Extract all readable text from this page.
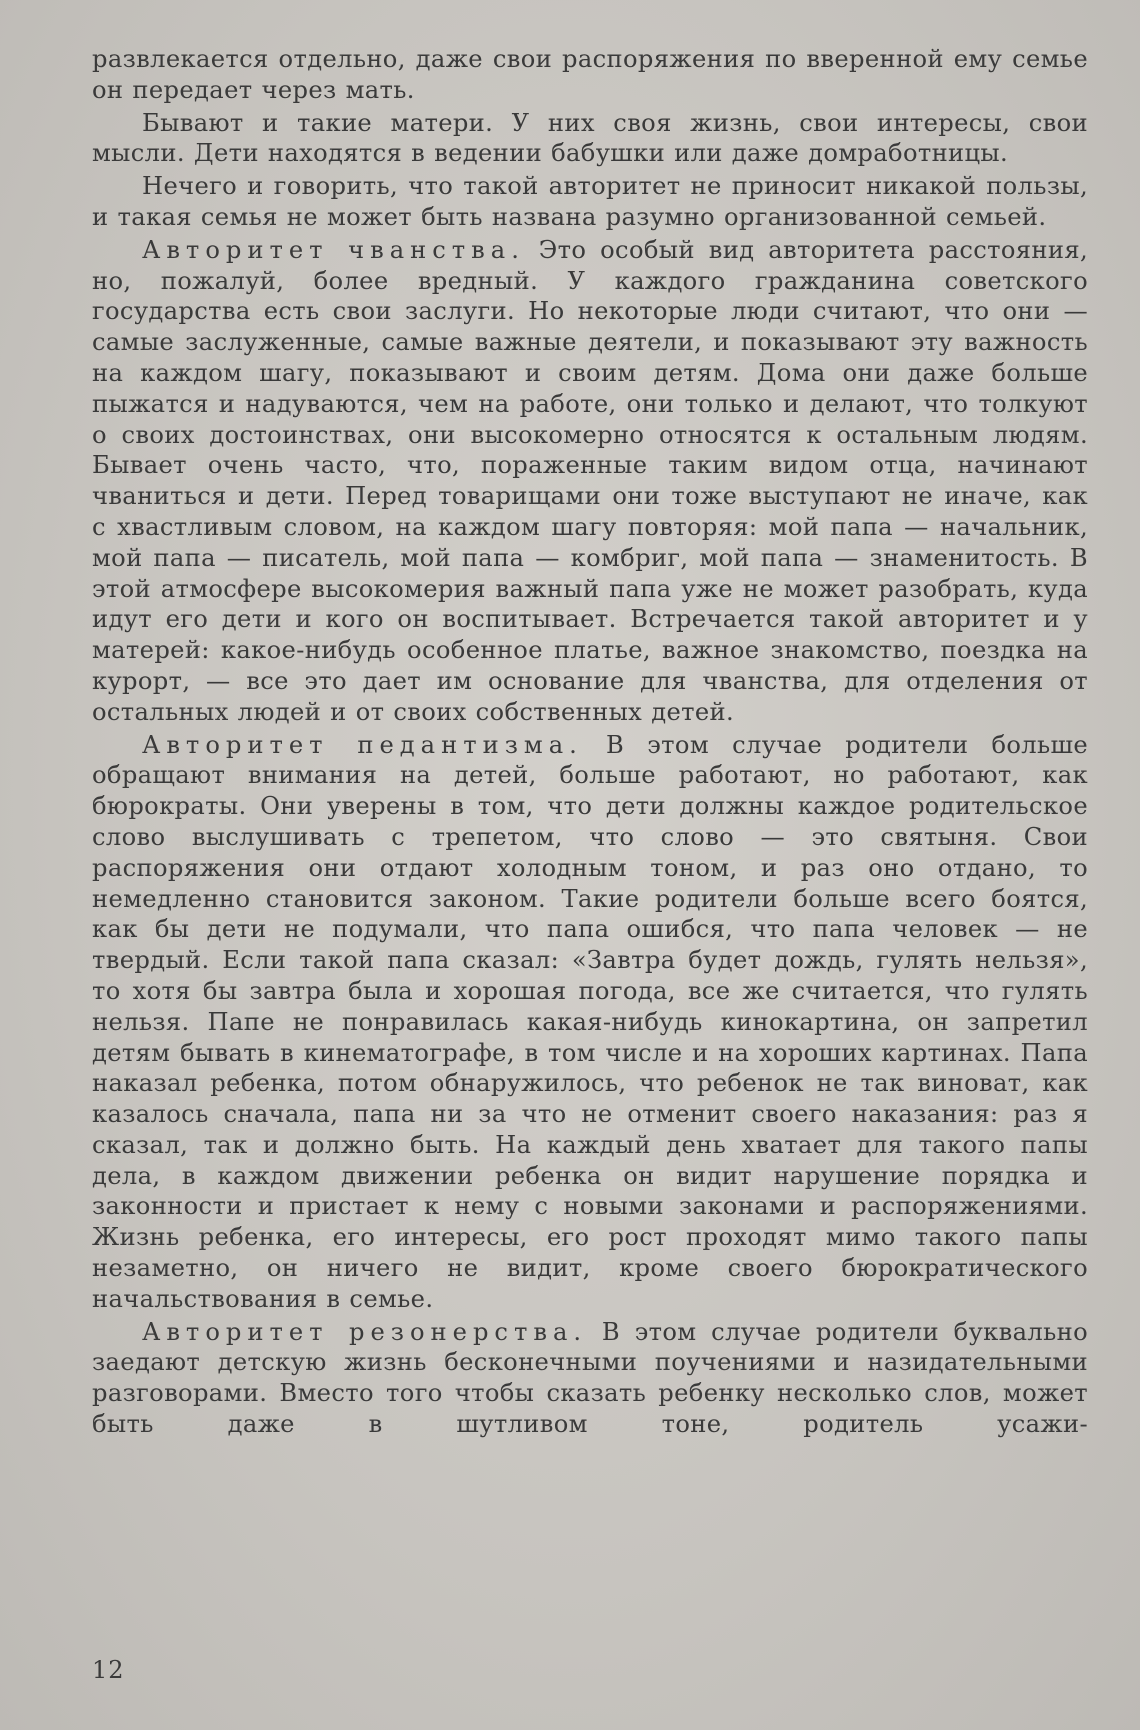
развлекается отдельно, даже свои распоряжения по вверенной ему семье он передает через мать.

Бывают и такие матери. У них своя жизнь, свои интересы, свои мысли. Дети находятся в ведении бабушки или даже домработницы.

Нечего и говорить, что такой авторитет не приносит никакой пользы, и такая семья не может быть названа разумно организованной семьей.

Авторитет чванства. Это особый вид авторитета расстояния, но, пожалуй, более вредный. У каждого гражданина советского государства есть свои заслуги. Но некоторые люди считают, что они — самые заслуженные, самые важные деятели, и показывают эту важность на каждом шагу, показывают и своим детям. Дома они даже больше пыжатся и надуваются, чем на работе, они только и делают, что толкуют о своих достоинствах, они высокомерно относятся к остальным людям. Бывает очень часто, что, пораженные таким видом отца, начинают чваниться и дети. Перед товарищами они тоже выступают не иначе, как с хвастливым словом, на каждом шагу повторяя: мой папа — начальник, мой папа — писатель, мой папа — комбриг, мой папа — знаменитость. В этой атмосфере высокомерия важный папа уже не может разобрать, куда идут его дети и кого он воспитывает. Встречается такой авторитет и у матерей: какое-нибудь особенное платье, важное знакомство, поездка на курорт, — все это дает им основание для чванства, для отделения от остальных людей и от своих собственных детей.

Авторитет педантизма. В этом случае родители больше обращают внимания на детей, больше работают, но работают, как бюрократы. Они уверены в том, что дети должны каждое родительское слово выслушивать с трепетом, что слово — это святыня. Свои распоряжения они отдают холодным тоном, и раз оно отдано, то немедленно становится законом. Такие родители больше всего боятся, как бы дети не подумали, что папа ошибся, что папа человек — не твердый. Если такой папа сказал: «Завтра будет дождь, гулять нельзя», то хотя бы завтра была и хорошая погода, все же считается, что гулять нельзя. Папе не понравилась какая-нибудь кинокартина, он запретил детям бывать в кинематографе, в том числе и на хороших картинах. Папа наказал ребенка, потом обнаружилось, что ребенок не так виноват, как казалось сначала, папа ни за что не отменит своего наказания: раз я сказал, так и должно быть. На каждый день хватает для такого папы дела, в каждом движении ребенка он видит нарушение порядка и законности и пристает к нему с новыми законами и распоряжениями. Жизнь ребенка, его интересы, его рост проходят мимо такого папы незаметно, он ничего не видит, кроме своего бюрократического начальствования в семье.

Авторитет резонерства. В этом случае родители буквально заедают детскую жизнь бесконечными поучениями и назидательными разговорами. Вместо того чтобы сказать ребенку несколько слов, может быть даже в шутливом тоне, родитель усажи-

12
